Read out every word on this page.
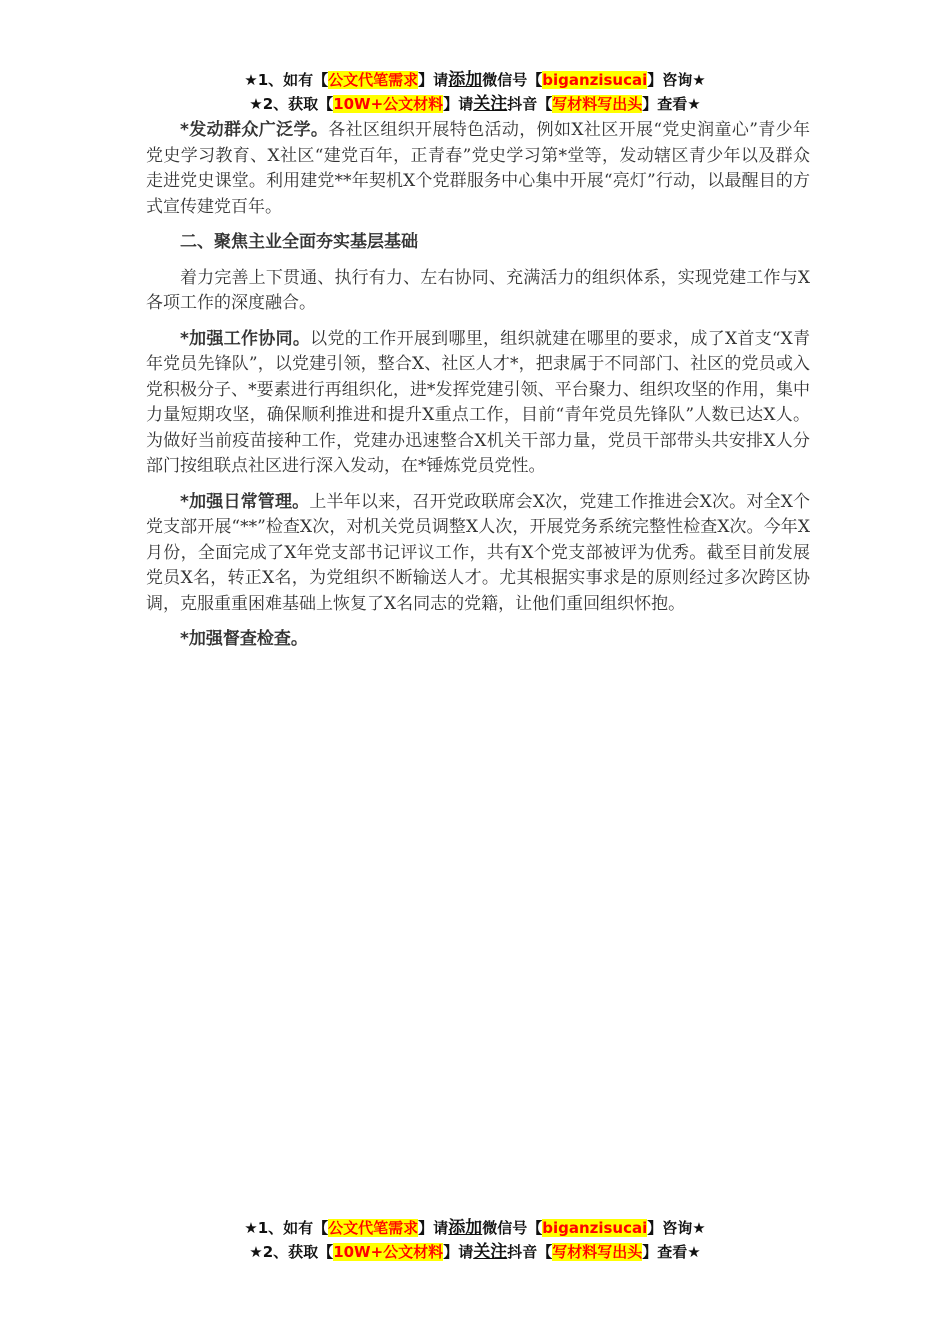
★1、如有【公文代笔需求】请添加微信号【biganzisucai】咨询★
★2、获取【10W+公文材料】请关注抖音【写材料写出头】查看★

*发动群众广泛学。各社区组织开展特色活动，例如X社区开展“党史润童心”青少年党史学习教育、X社区“建党百年，正青春”党史学习第*堂等，发动辖区青少年以及群众走进党史课堂。利用建党**年契机X个党群服务中心集中开展“亮灯”行动，以最醒目的方式宣传建党百年。

二、聚焦主业全面夯实基层基础

着力完善上下贯通、执行有力、左右协同、充满活力的组织体系，实现党建工作与X各项工作的深度融合。

*加强工作协同。以党的工作开展到哪里，组织就建在哪里的要求，成了X首支“X青年党员先锋队”，以党建引领，整合X、社区人才*，把隶属于不同部门、社区的党员或入党积极分子、*要素进行再组织化，进*发挥党建引领、平台聚力、组织攻坚的作用，集中力量短期攻坚，确保顺利推进和提升X重点工作，目前“青年党员先锋队”人数已达X人。为做好当前疫苗接种工作，党建办迅速整合X机关干部力量，党员干部带头共安排X人分部门按组联点社区进行深入发动，在*锤炼党员党性。

*加强日常管理。上半年以来，召开党政联席会X次，党建工作推进会X次。对全X个党支部开展“**”检查X次，对机关党员调整X人次，开展党务系统完整性检查X次。今年X月份，全面完成了X年党支部书记评议工作，共有X个党支部被评为优秀。截至目前发展党员X名，转正X名，为党组织不断输送人才。尤其根据实事求是的原则经过多次跨区协调，克服重重困难基础上恢复了X名同志的党籍，让他们重回组织怀抱。

*加强督查检查。

★1、如有【公文代笔需求】请添加微信号【biganzisucai】咨询★
★2、获取【10W+公文材料】请关注抖音【写材料写出头】查看★
